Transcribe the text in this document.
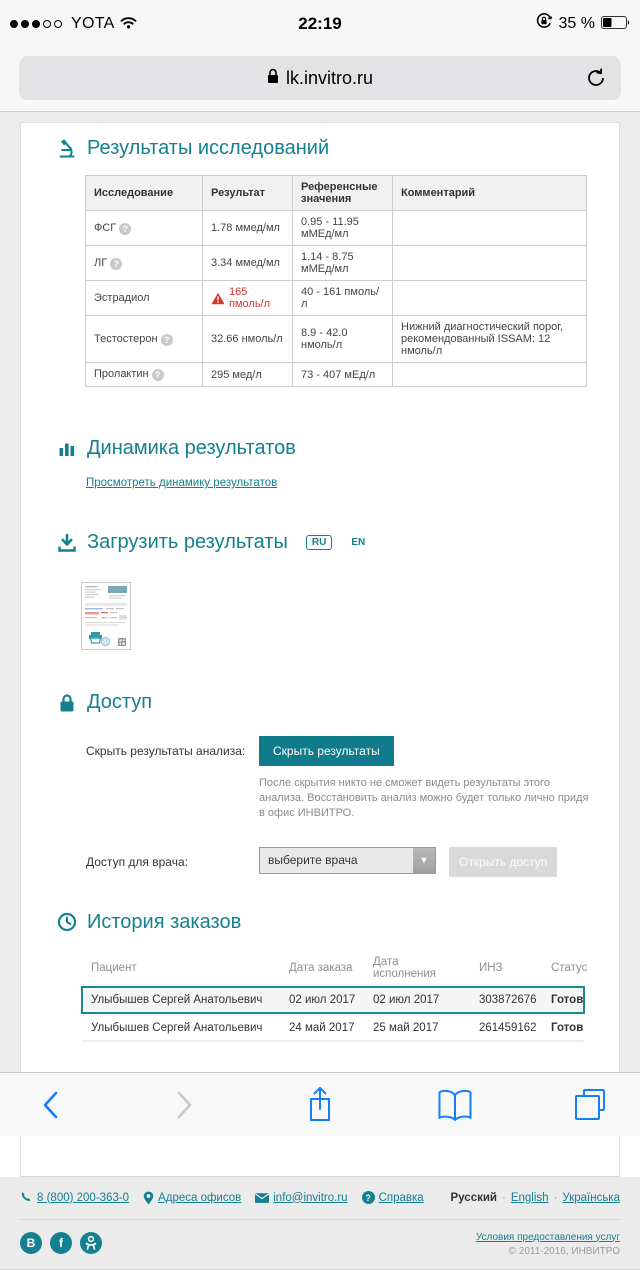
YOTA	22:19	35 %
lk.invitro.ru
Результаты исследований
Исследование	Результат	Референсные значения	Комментарий
ФСГ ?	1.78 ммед/мл	0.95 - 11.95 мМЕд/мл	
ЛГ ?	3.34 ммед/мл	1.14 - 8.75 мМЕд/мл	
Эстрадиол	165 пмоль/л	40 - 161 пмоль/л	
Тестостерон ?	32.66 нмоль/л	8.9 - 42.0 нмоль/л	Нижний диагностический порог, рекомендованный ISSAM: 12 нмоль/л
Пролактин ?	295 мед/л	73 - 407 мЕд/л	
Динамика результатов
Просмотреть динамику результатов
Загрузить результаты	RU	EN
Доступ
Скрыть результаты анализа:	Скрыть результаты
После скрытия никто не сможет видеть результаты этого анализа. Восстановить анализ можно будет только лично придя в офис ИНВИТРО.
Доступ для врача:	выберите врача	▼	Открыть доступ
История заказов
Пациент	Дата заказа	Дата исполнения	ИНЗ	Статус
Улыбышев Сергей Анатольевич	02 июл 2017	02 июл 2017	303872676	Готов
Улыбышев Сергей Анатольевич	24 май 2017	25 май 2017	261459162	Готов
8 (800) 200-363-0	Адреса офисов	info@invitro.ru	? Справка Русский · English · Українська
В	f	Условия предоставления услуг
© 2011-2016, ИНВИТРО
